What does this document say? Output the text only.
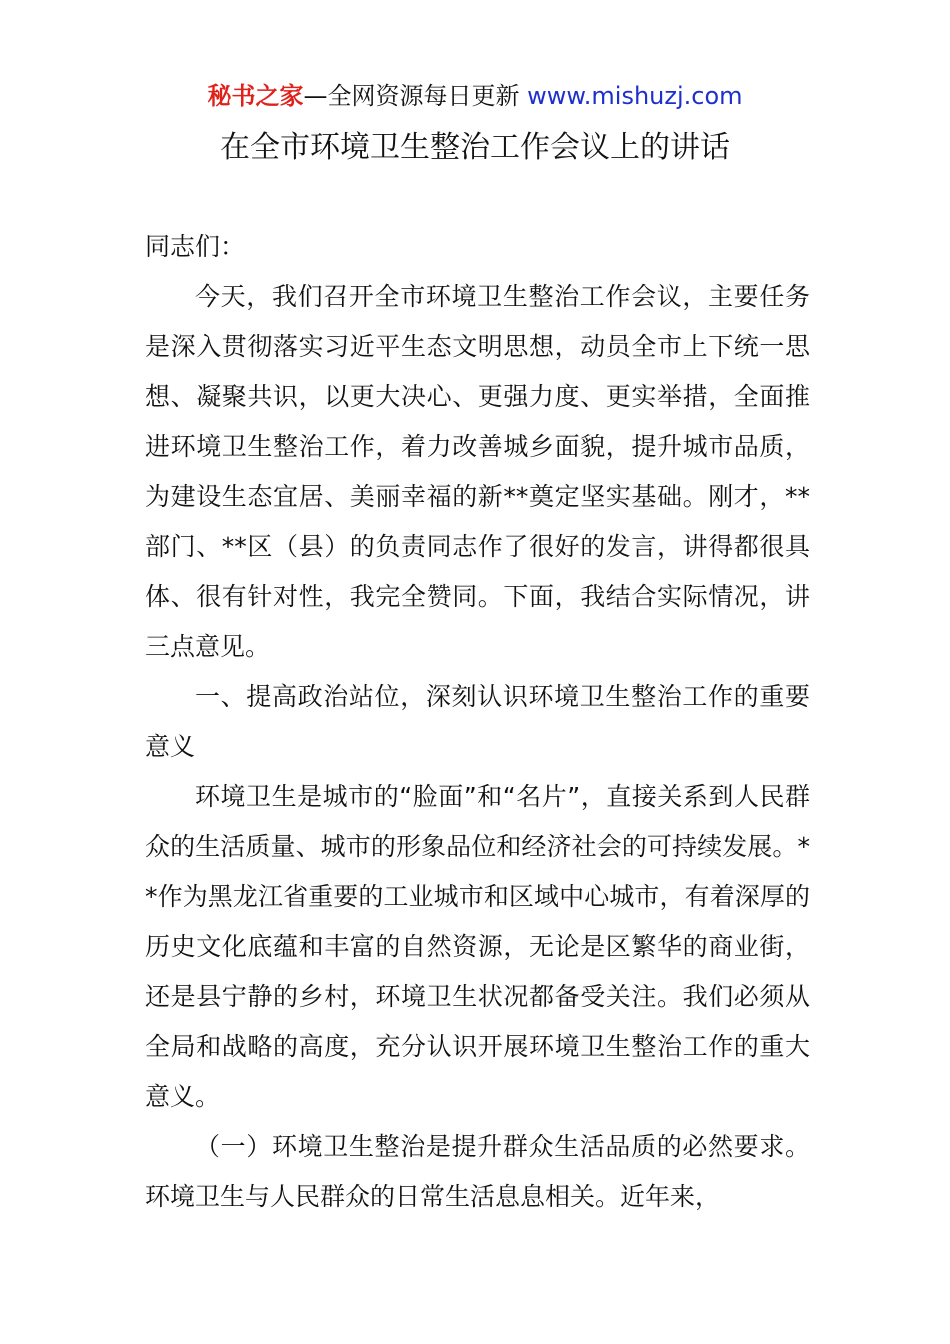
秘书之家—全网资源每日更新 www.mishuzj.com
在全市环境卫生整治工作会议上的讲话

同志们：

今天，我们召开全市环境卫生整治工作会议，主要任务是深入贯彻落实习近平生态文明思想，动员全市上下统一思想、凝聚共识，以更大决心、更强力度、更实举措，全面推进环境卫生整治工作，着力改善城乡面貌，提升城市品质，为建设生态宜居、美丽幸福的新**奠定坚实基础。刚才，**部门、**区（县）的负责同志作了很好的发言，讲得都很具体、很有针对性，我完全赞同。下面，我结合实际情况，讲三点意见。

一、提高政治站位，深刻认识环境卫生整治工作的重要意义

环境卫生是城市的“脸面”和“名片”，直接关系到人民群众的生活质量、城市的形象品位和经济社会的可持续发展。**作为黑龙江省重要的工业城市和区域中心城市，有着深厚的历史文化底蕴和丰富的自然资源，无论是区繁华的商业街，还是县宁静的乡村，环境卫生状况都备受关注。我们必须从全局和战略的高度，充分认识开展环境卫生整治工作的重大意义。

（一）环境卫生整治是提升群众生活品质的必然要求。环境卫生与人民群众的日常生活息息相关。近年来，
